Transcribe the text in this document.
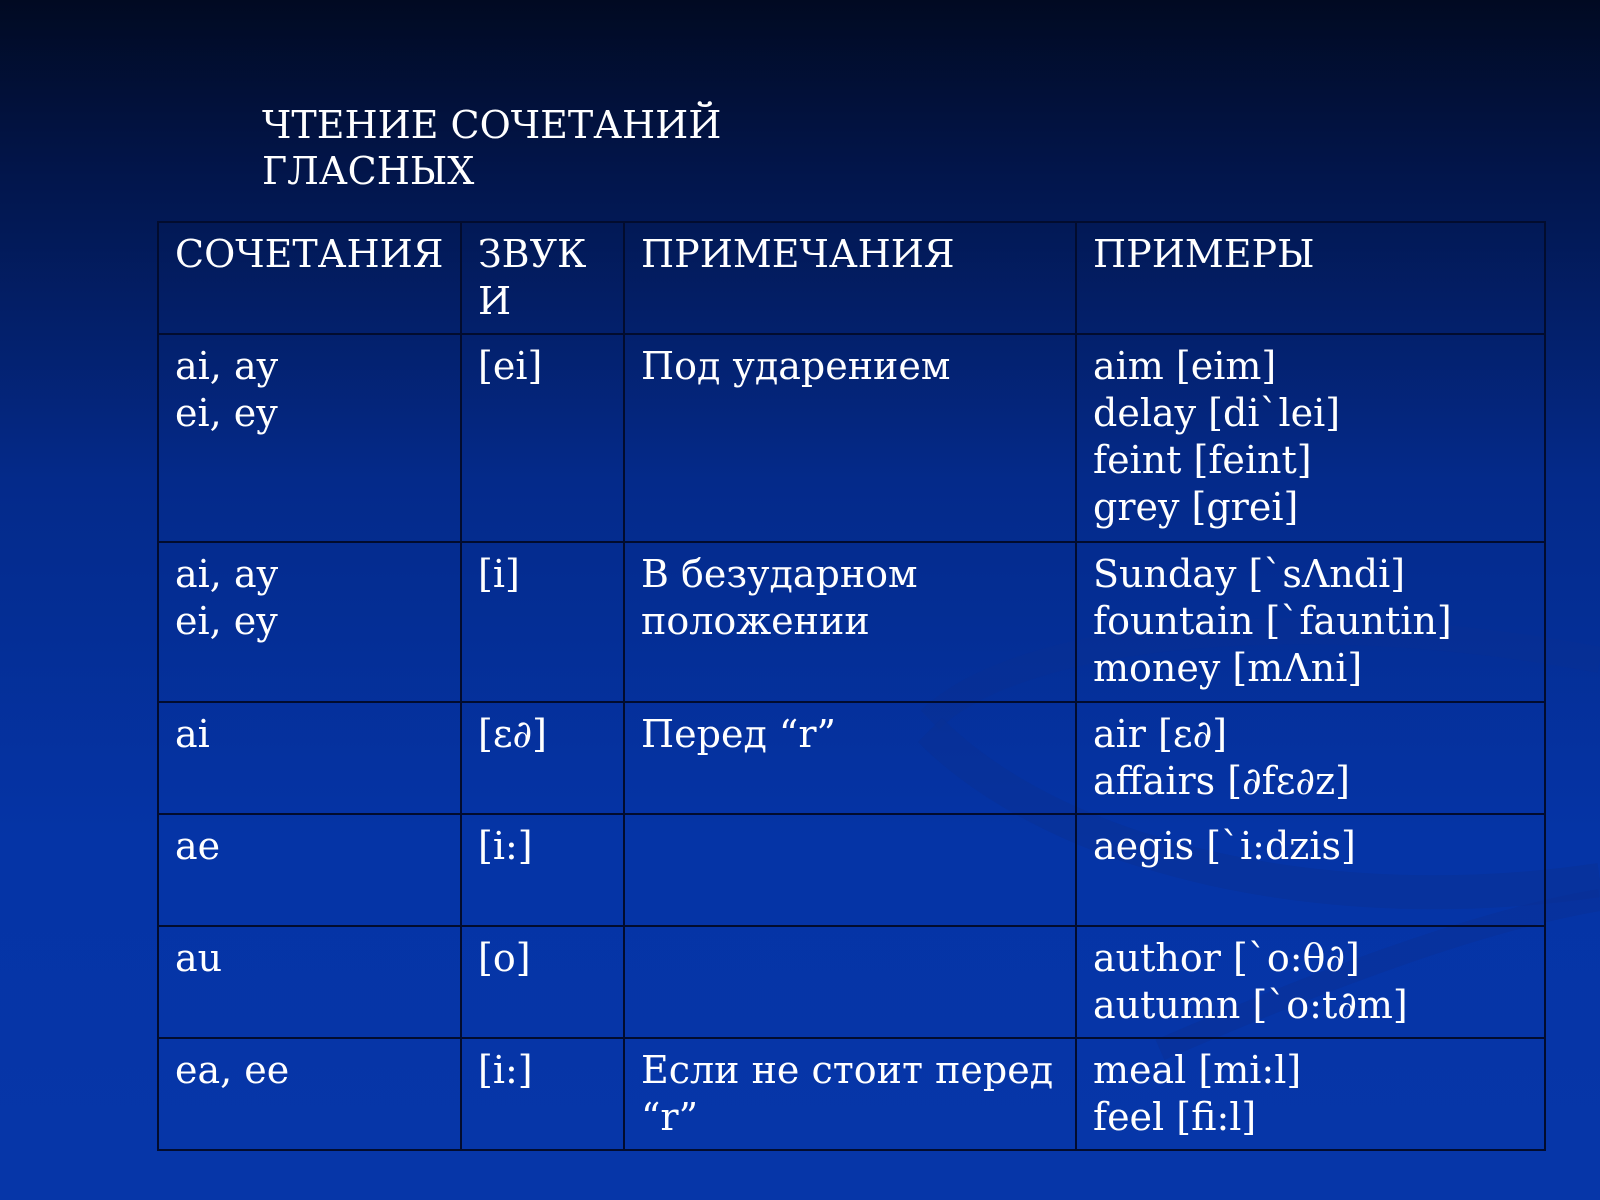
ЧТЕНИЕ СОЧЕТАНИЙ ГЛАСНЫХ
СОЧЕТАНИЯ	ЗВУКИ	ПРИМЕЧАНИЯ	ПРИМЕРЫ

ai, ay
ei, ey	[ei]	Под ударением	aim [eim]
delay [di`lei]
feint [feint]
grey [grei]

ai, ay
ei, ey	[i]	В безударном положении	Sunday [`sΛndi]
fountain [`fauntin]
money [mΛni]

ai	[ε∂]	Перед “r”	air [ε∂]
affairs [∂fε∂z]

ae	[i:]		aegis [`i:dzis]

au	[o]		author [`o:θ∂]
autumn [`o:t∂m]

ea, ee	[i:]	Если не стоит перед “r”	meal [mi:l]
feel [fi:l]
